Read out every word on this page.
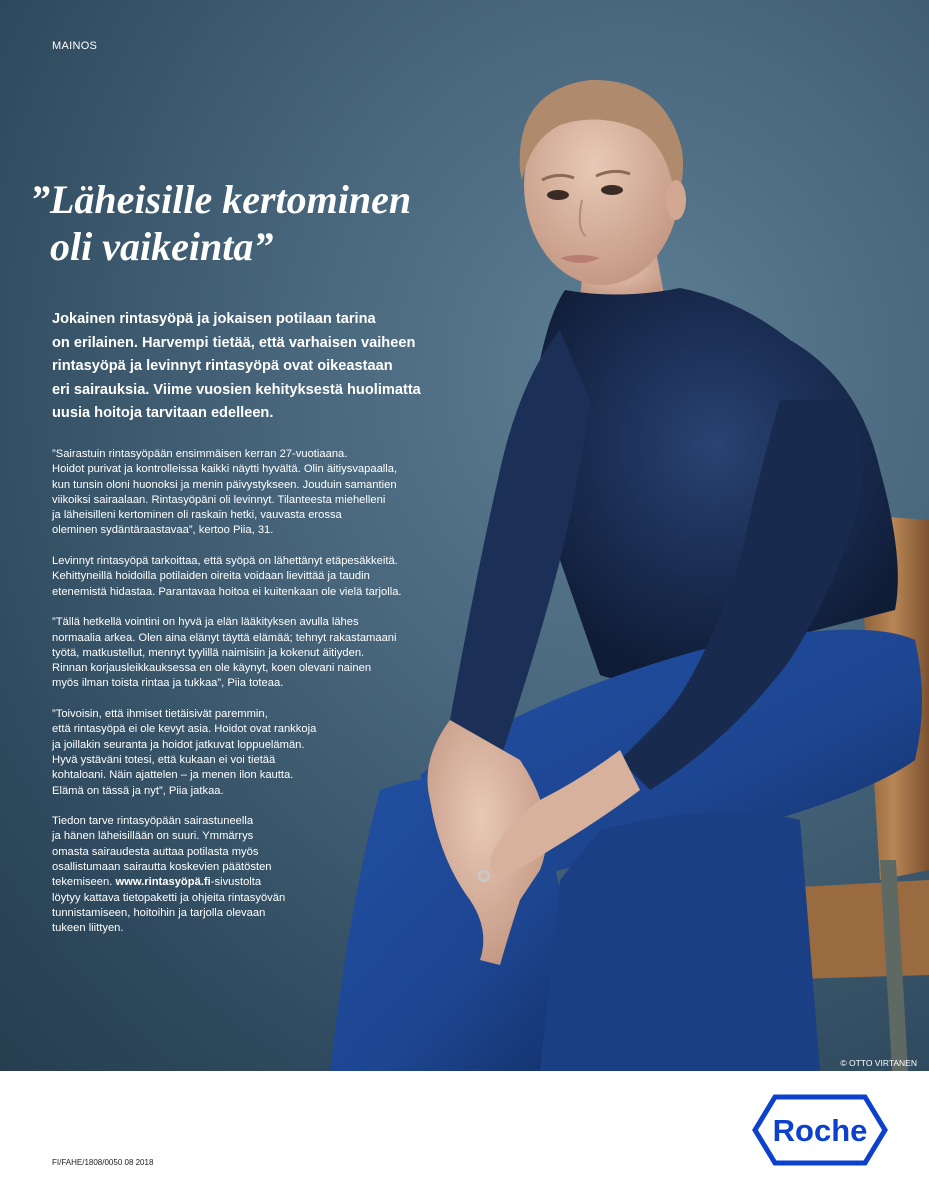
MAINOS
”Läheisille kertominen
oli vaikeinta”
Jokainen rintasyöpä ja jokaisen potilaan tarina
on erilainen. Harvempi tietää, että varhaisen vaiheen
rintasyöpä ja levinnyt rintasyöpä ovat oikeastaan
eri sairauksia. Viime vuosien kehityksestä huolimatta
uusia hoitoja tarvitaan edelleen.

”Sairastuin rintasyöpään ensimmäisen kerran 27-vuotiaana.
Hoidot purivat ja kontrolleissa kaikki näytti hyvältä. Olin äitiysvapaalla,
kun tunsin oloni huonoksi ja menin päivystykseen. Jouduin samantien
viikoiksi sairaalaan. Rintasyöpäni oli levinnyt. Tilanteesta miehelleni
ja läheisilleni kertominen oli raskain hetki, vauvasta erossa
oleminen sydäntäraastavaa”, kertoo Piia, 31.

Levinnyt rintasyöpä tarkoittaa, että syöpä on lähettänyt etäpesäkkeitä.
Kehittyneillä hoidoilla potilaiden oireita voidaan lievittää ja taudin
etenemistä hidastaa. Parantavaa hoitoa ei kuitenkaan ole vielä tarjolla.

”Tällä hetkellä vointini on hyvä ja elän lääkityksen avulla lähes
normaalia arkea. Olen aina elänyt täyttä elämää; tehnyt rakastamaani
työtä, matkustellut, mennyt tyylillä naimisiin ja kokenut äitiyden.
Rinnan korjausleikkauksessa en ole käynyt, koen olevani nainen
myös ilman toista rintaa ja tukkaa”, Piia toteaa.

”Toivoisin, että ihmiset tietäisivät paremmin,
että rintasyöpä ei ole kevyt asia. Hoidot ovat rankkoja
ja joillakin seuranta ja hoidot jatkuvat loppuelämän.
Hyvä ystäväni totesi, että kukaan ei voi tietää
kohtaloani. Näin ajattelen – ja menen ilon kautta.
Elämä on tässä ja nyt”, Piia jatkaa.

Tiedon tarve rintasyöpään sairastuneella
ja hänen läheisillään on suuri. Ymmärrys
omasta sairaudesta auttaa potilasta myös
osallistumaan sairautta koskevien päätösten
tekemiseen. www.rintasyöpä.fi-sivustolta
löytyy kattava tietopaketti ja ohjeita rintasyövän
tunnistamiseen, hoitoihin ja tarjolla olevaan
tukeen liittyen.

© OTTO VIRTANEN
FI/FAHE/1808/0050 08 2018
Roche
